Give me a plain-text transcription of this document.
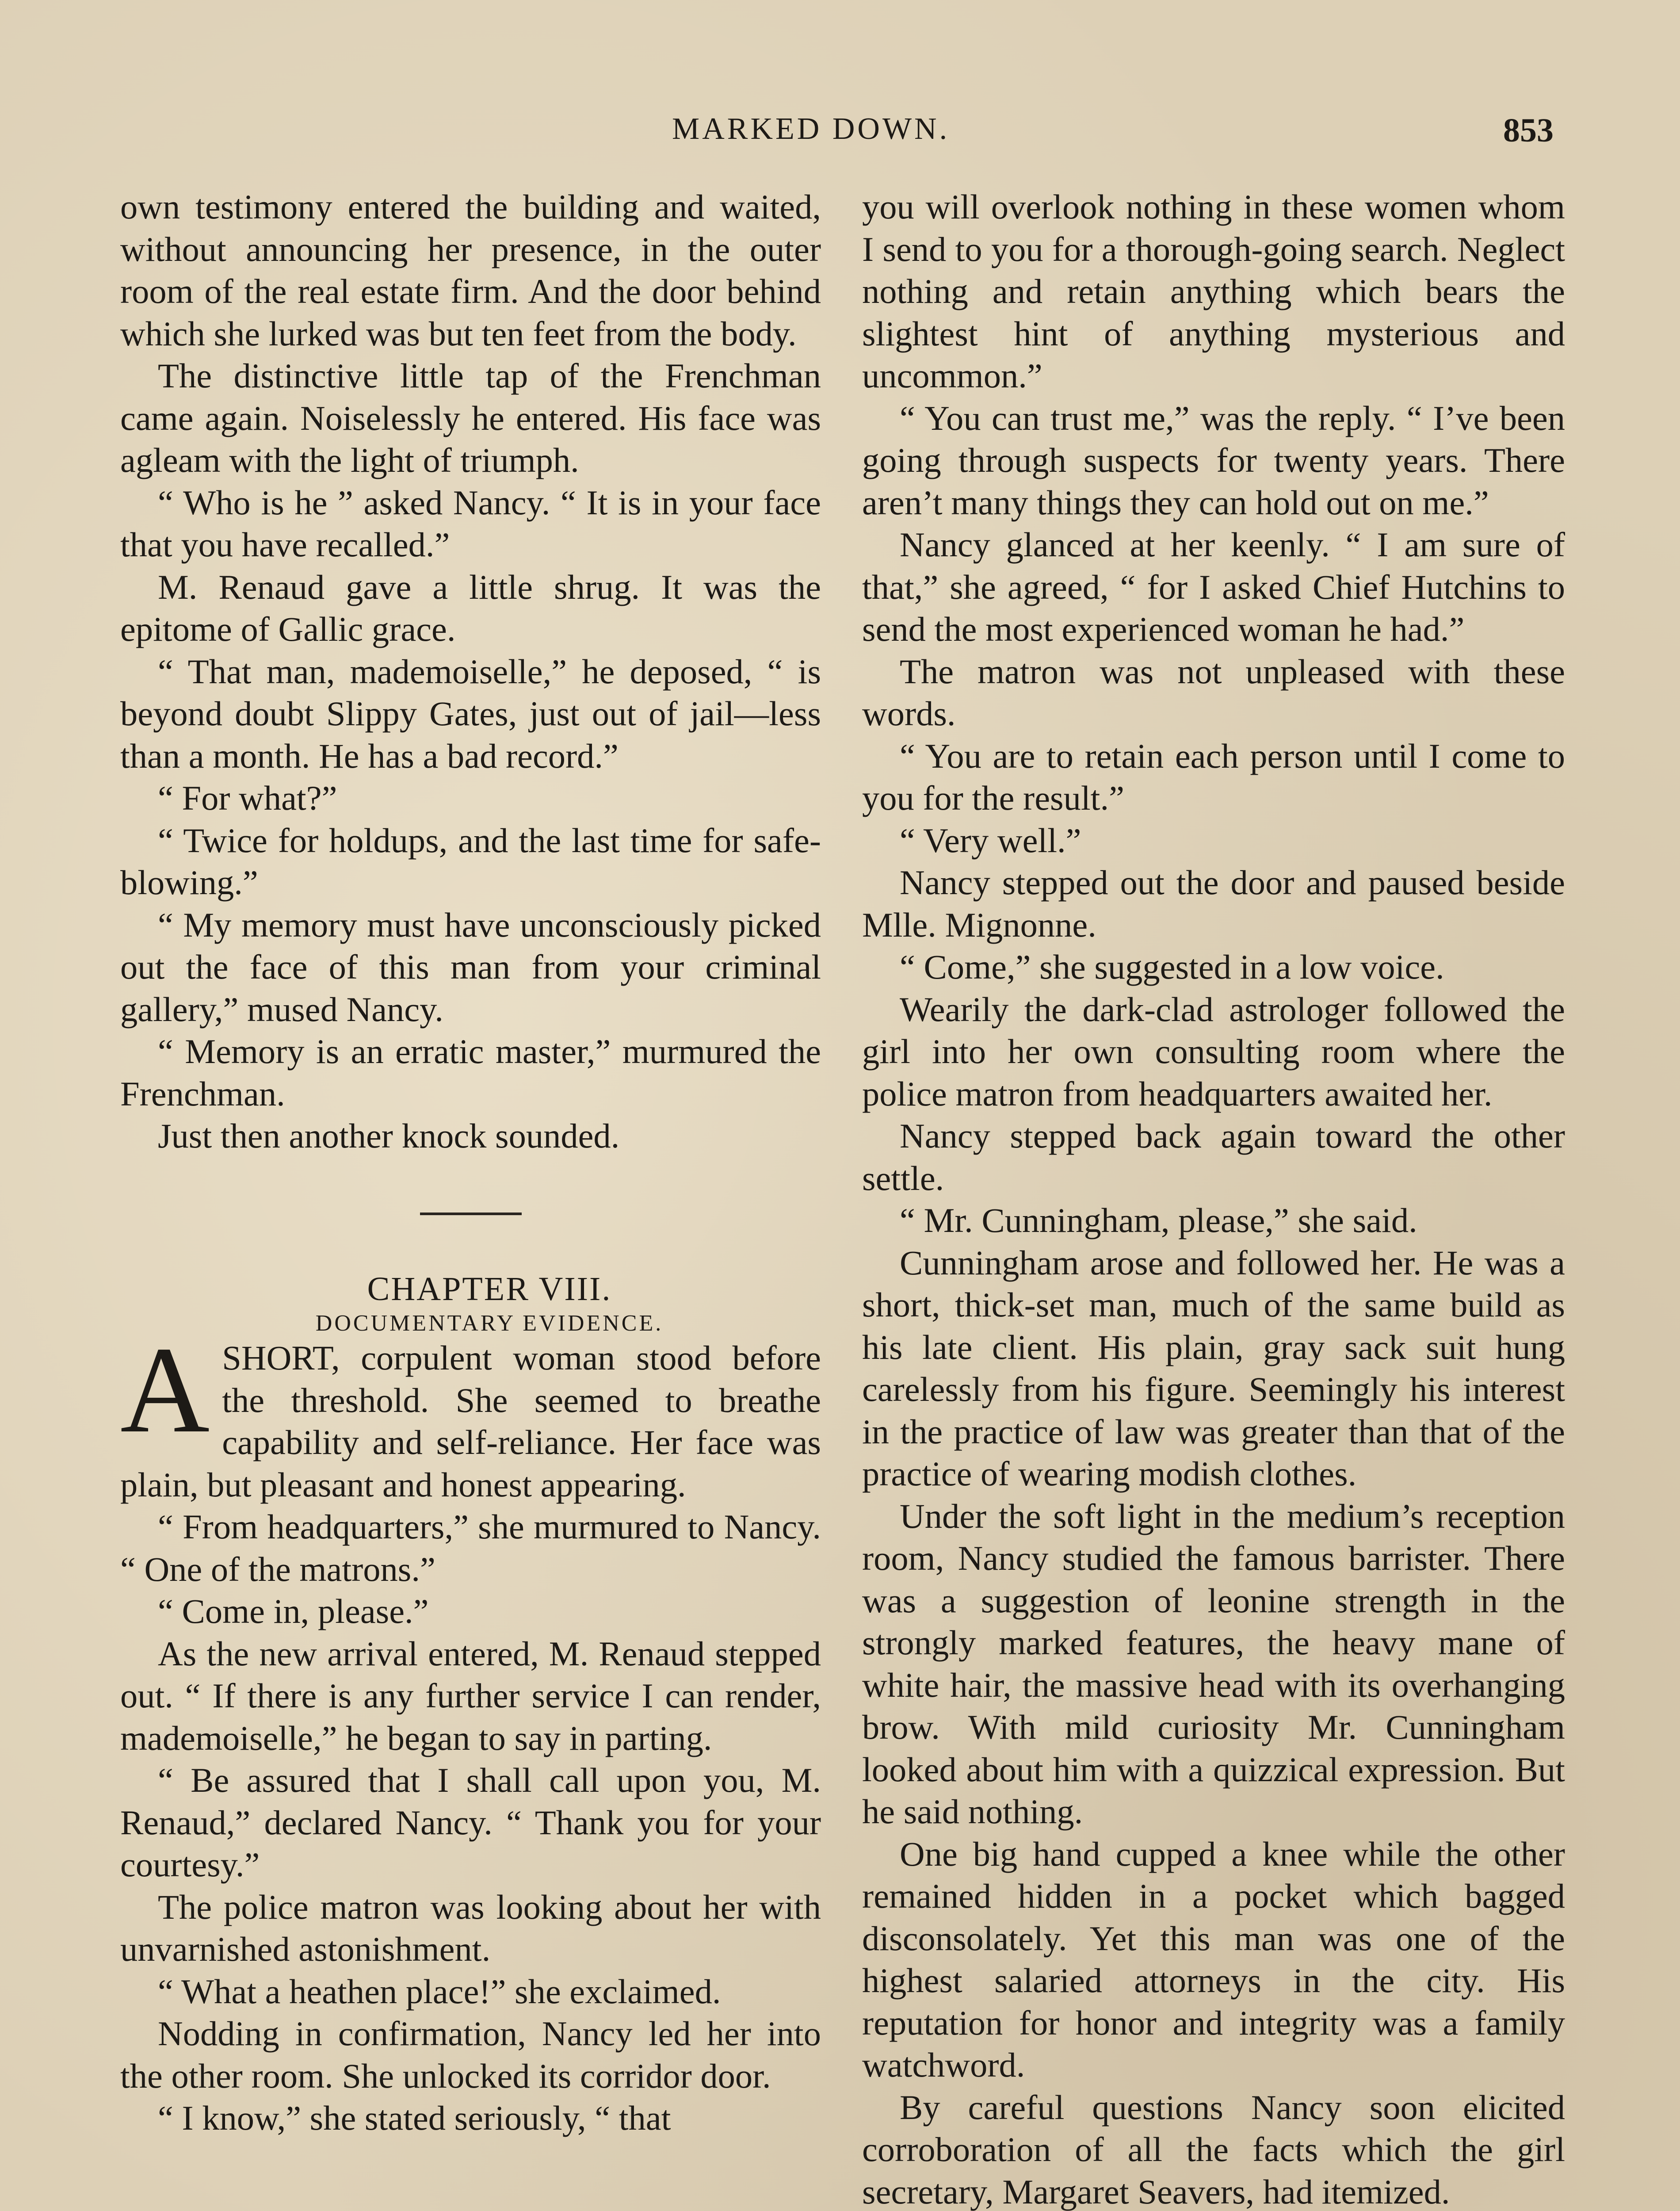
MARKED DOWN.	853

own testimony entered the building and waited, without announcing her presence, in the outer room of the real estate firm. And the door behind which she lurked was but ten feet from the body.

The distinctive little tap of the Frenchman came again. Noiselessly he entered. His face was agleam with the light of triumph.

“ Who is he ” asked Nancy. “ It is in your face that you have recalled.”

M. Renaud gave a little shrug. It was the epitome of Gallic grace.

“ That man, mademoiselle,” he deposed, “ is beyond doubt Slippy Gates, just out of jail—less than a month. He has a bad record.”

“ For what?”

“ Twice for holdups, and the last time for safe-blowing.”

“ My memory must have unconsciously picked out the face of this man from your criminal gallery,” mused Nancy.

“ Memory is an erratic master,” murmured the Frenchman.

Just then another knock sounded.

CHAPTER VIII.

DOCUMENTARY EVIDENCE.

ASHORT, corpulent woman stood before the threshold. She seemed to breathe capability and self-reliance. Her face was plain, but pleasant and honest appearing.

“ From headquarters,” she murmured to Nancy. “ One of the matrons.”

“ Come in, please.”

As the new arrival entered, M. Renaud stepped out. “ If there is any further service I can render, mademoiselle,” he began to say in parting.

“ Be assured that I shall call upon you, M. Renaud,” declared Nancy. “ Thank you for your courtesy.”

The police matron was looking about her with unvarnished astonishment.

“ What a heathen place!” she exclaimed.

Nodding in confirmation, Nancy led her into the other room. She unlocked its corridor door.

“ I know,” she stated seriously, “ that

you will overlook nothing in these women whom I send to you for a thorough-going search. Neglect nothing and retain anything which bears the slightest hint of anything mysterious and uncommon.”

“ You can trust me,” was the reply. “ I’ve been going through suspects for twenty years. There aren’t many things they can hold out on me.”

Nancy glanced at her keenly. “ I am sure of that,” she agreed, “ for I asked Chief Hutchins to send the most experienced woman he had.”

The matron was not unpleased with these words.

“ You are to retain each person until I come to you for the result.”

“ Very well.”

Nancy stepped out the door and paused beside Mlle. Mignonne.

“ Come,” she suggested in a low voice.

Wearily the dark-clad astrologer followed the girl into her own consulting room where the police matron from headquarters awaited her.

Nancy stepped back again toward the other settle.

“ Mr. Cunningham, please,” she said.

Cunningham arose and followed her. He was a short, thick-set man, much of the same build as his late client. His plain, gray sack suit hung carelessly from his figure. Seemingly his interest in the practice of law was greater than that of the practice of wearing modish clothes.

Under the soft light in the medium’s reception room, Nancy studied the famous barrister. There was a suggestion of leonine strength in the strongly marked features, the heavy mane of white hair, the massive head with its overhanging brow. With mild curiosity Mr. Cunningham looked about him with a quizzical expression. But he said nothing.

One big hand cupped a knee while the other remained hidden in a pocket which bagged disconsolately. Yet this man was one of the highest salaried attorneys in the city. His reputation for honor and integrity was a family watchword.

By careful questions Nancy soon elicited corroboration of all the facts which the girl secretary, Margaret Seavers, had itemized.
